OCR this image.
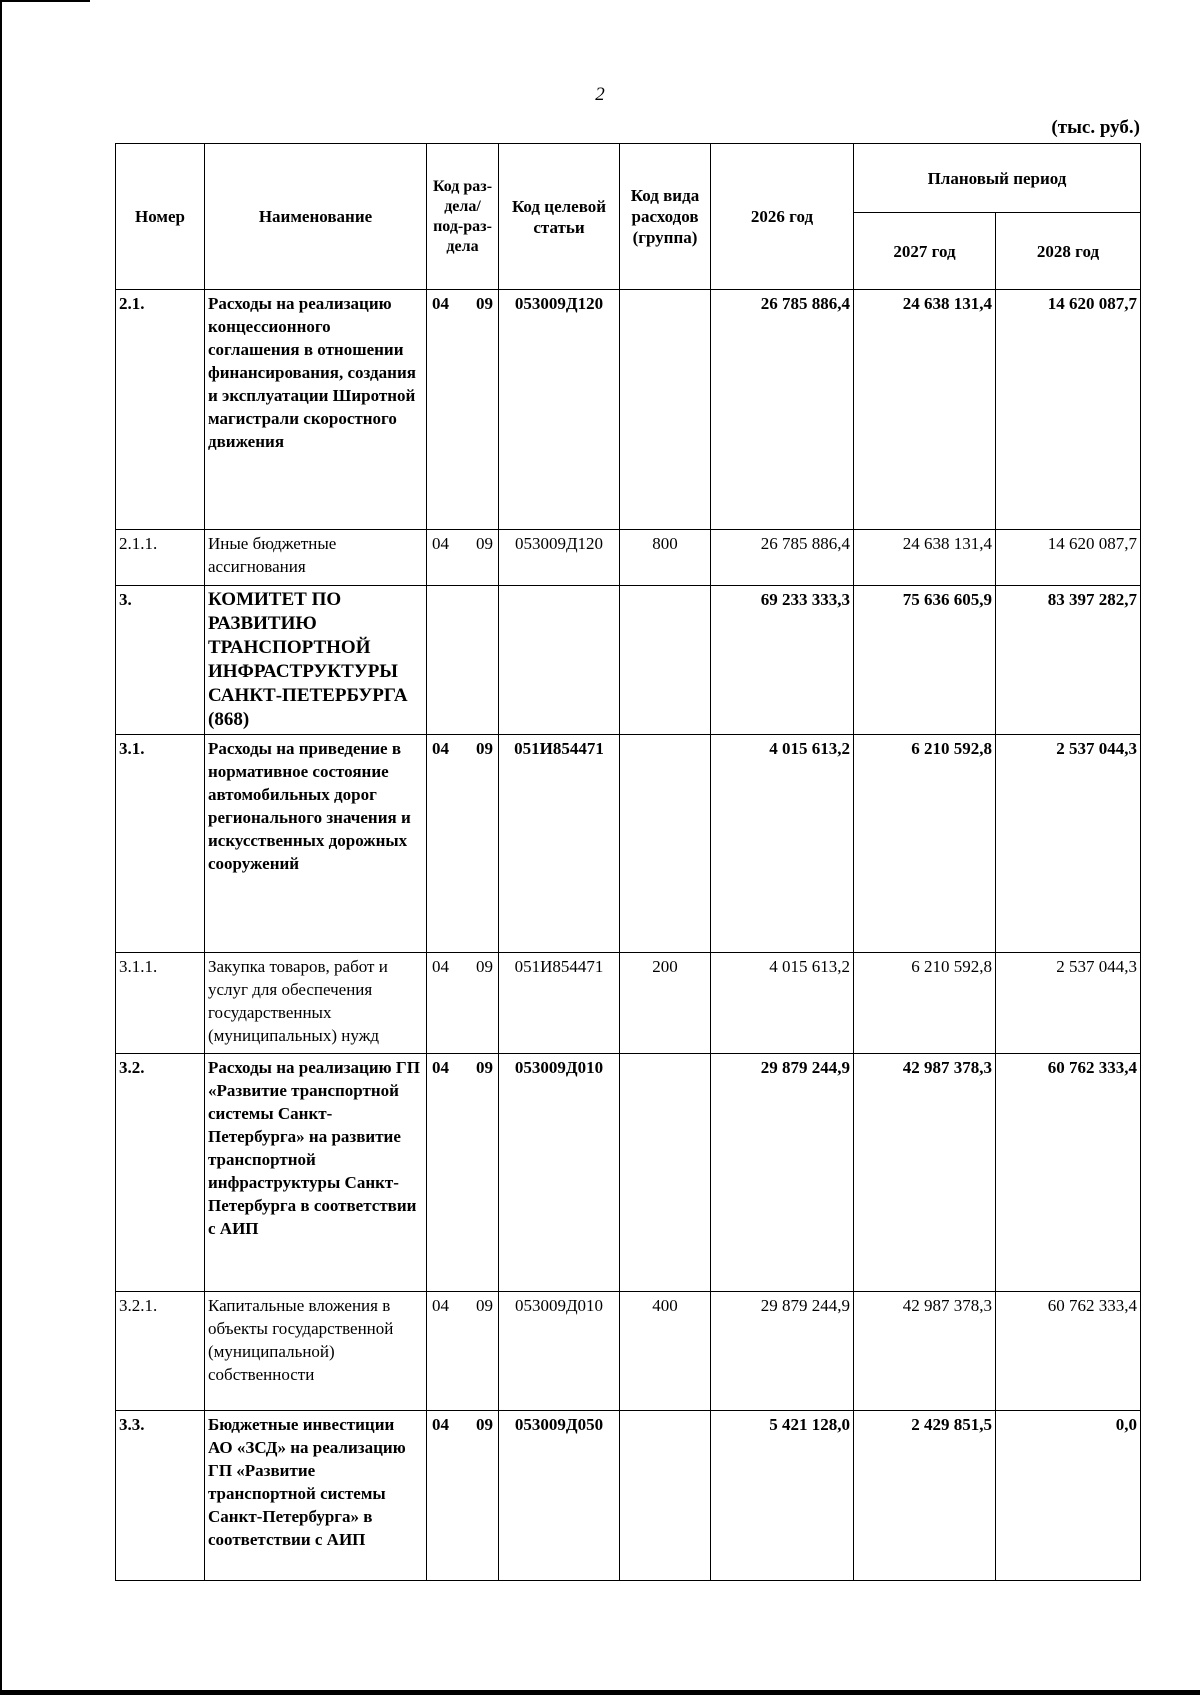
2
(тыс. руб.)
Номер	Наименование	Код раз-дела/ под-раз-дела	Код целевой статьи	Код вида расходов (группа)	2026 год	Плановый период	
						2027 год	2028 год
2.1.	Расходы на реализацию концессионного соглашения в отношении финансирования, создания и эксплуатации Широтной магистрали скоростного движения	04 09	053009Д120		26 785 886,4	24 638 131,4	14 620 087,7
2.1.1.	Иные бюджетные ассигнования	04 09	053009Д120	800	26 785 886,4	24 638 131,4	14 620 087,7
3.	КОМИТЕТ ПО РАЗВИТИЮ ТРАНСПОРТНОЙ ИНФРАСТРУКТУРЫ САНКТ-ПЕТЕРБУРГА (868)				69 233 333,3	75 636 605,9	83 397 282,7
3.1.	Расходы на приведение в нормативное состояние автомобильных дорог регионального значения и искусственных дорожных сооружений	04 09	051И854471		4 015 613,2	6 210 592,8	2 537 044,3
3.1.1.	Закупка товаров, работ и услуг для обеспечения государственных (муниципальных) нужд	04 09	051И854471	200	4 015 613,2	6 210 592,8	2 537 044,3
3.2.	Расходы на реализацию ГП «Развитие транспортной системы Санкт-Петербурга» на развитие транспортной инфраструктуры Санкт-Петербурга в соответствии с АИП	04 09	053009Д010		29 879 244,9	42 987 378,3	60 762 333,4
3.2.1.	Капитальные вложения в объекты государственной (муниципальной) собственности	04 09	053009Д010	400	29 879 244,9	42 987 378,3	60 762 333,4
3.3.	Бюджетные инвестиции АО «ЗСД» на реализацию ГП «Развитие транспортной системы Санкт-Петербурга» в соответствии с АИП	04 09	053009Д050		5 421 128,0	2 429 851,5	0,0
